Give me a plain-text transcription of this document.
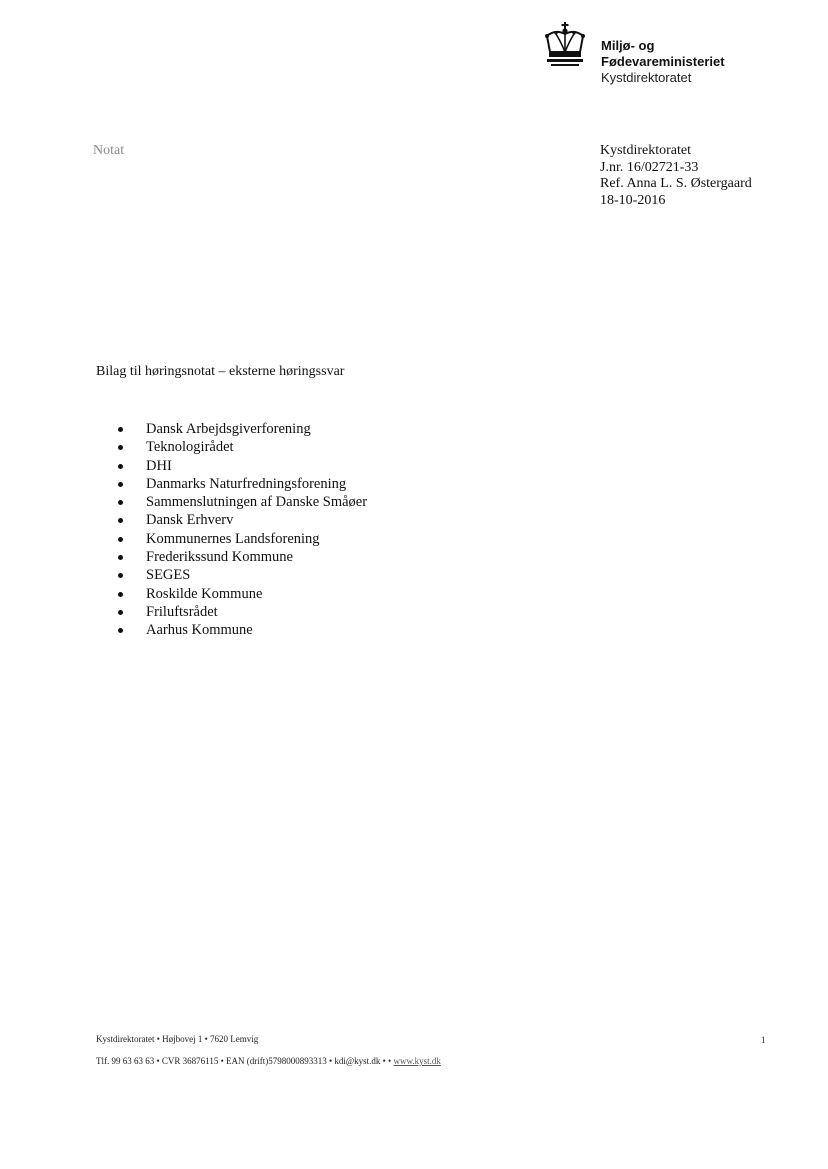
Miljø- og
Fødevareministeriet
Kystdirektoratet
Notat	Kystdirektoratet
J.nr. 16/02721-33
Ref. Anna L. S. Østergaard
18-10-2016
Bilag til høringsnotat – eksterne høringssvar
Dansk Arbejdsgiverforening
Teknologirådet
DHI
Danmarks Naturfredningsforening
Sammenslutningen af Danske Småøer
Dansk Erhverv
Kommunernes Landsforening
Frederikssund Kommune
SEGES
Roskilde Kommune
Friluftsrådet
Aarhus Kommune
Kystdirektoratet • Højbovej 1 • 7620 Lemvig	1
Tlf. 99 63 63 63 • CVR 36876115 • EAN (drift)5798000893313 • kdi@kyst.dk • • www.kyst.dk
